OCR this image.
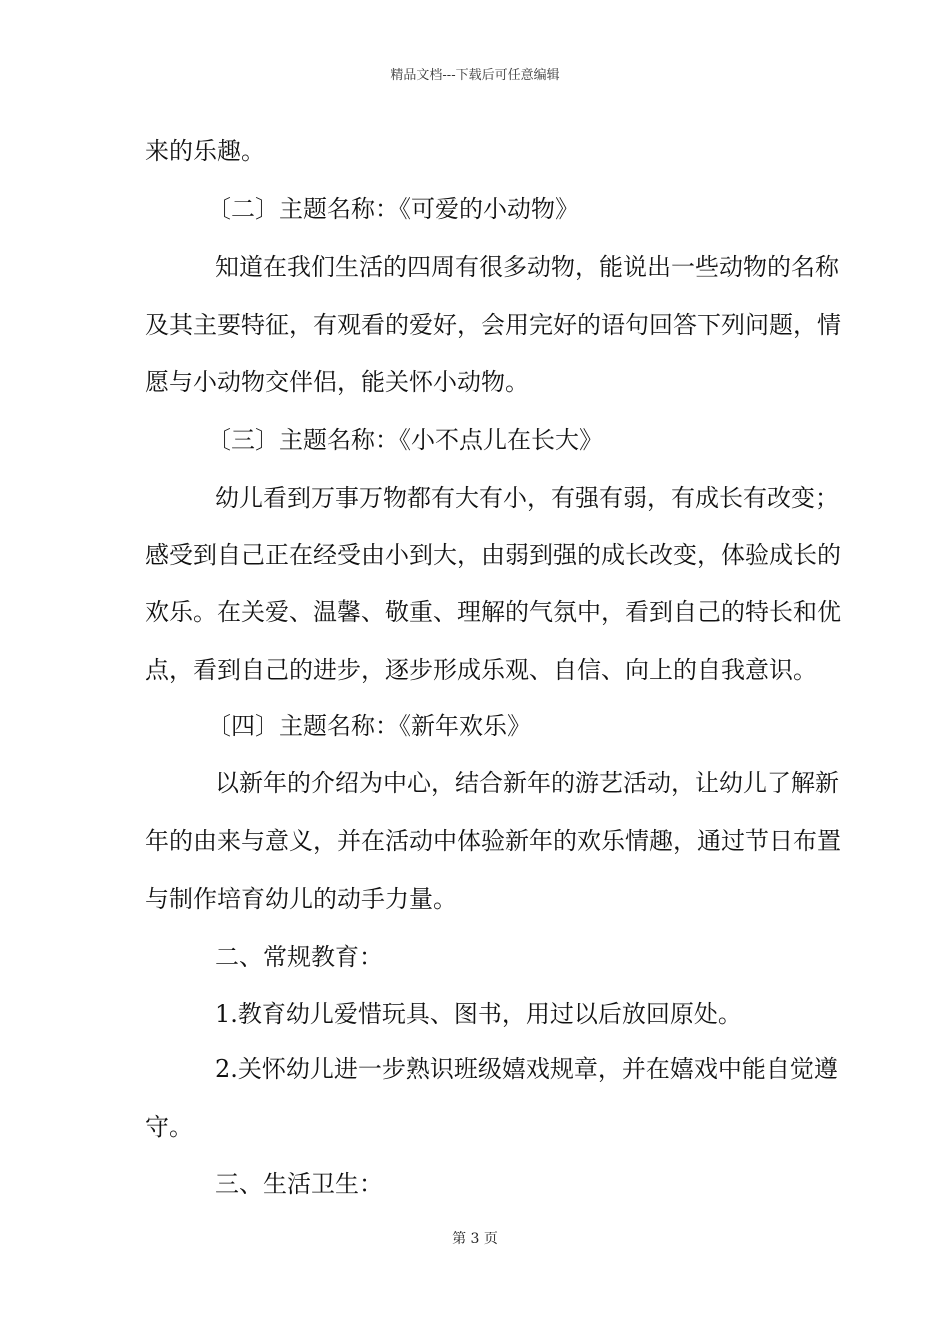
精品文档---下载后可任意编辑
来的乐趣。
〔二〕主题名称：《可爱的小动物》
知道在我们生活的四周有很多动物，能说出一些动物的名称
及其主要特征，有观看的爱好，会用完好的语句回答下列问题，情
愿与小动物交伴侣，能关怀小动物。
〔三〕主题名称：《小不点儿在长大》
幼儿看到万事万物都有大有小，有强有弱，有成长有改变；
感受到自己正在经受由小到大，由弱到强的成长改变，体验成长的
欢乐。在关爱、温馨、敬重、理解的气氛中，看到自己的特长和优
点，看到自己的进步，逐步形成乐观、自信、向上的自我意识。
〔四〕主题名称：《新年欢乐》
以新年的介绍为中心，结合新年的游艺活动，让幼儿了解新
年的由来与意义，并在活动中体验新年的欢乐情趣，通过节日布置
与制作培育幼儿的动手力量。
二、常规教育：
1.教育幼儿爱惜玩具、图书，用过以后放回原处。
2.关怀幼儿进一步熟识班级嬉戏规章，并在嬉戏中能自觉遵
守。
三、生活卫生：
第 3 页
